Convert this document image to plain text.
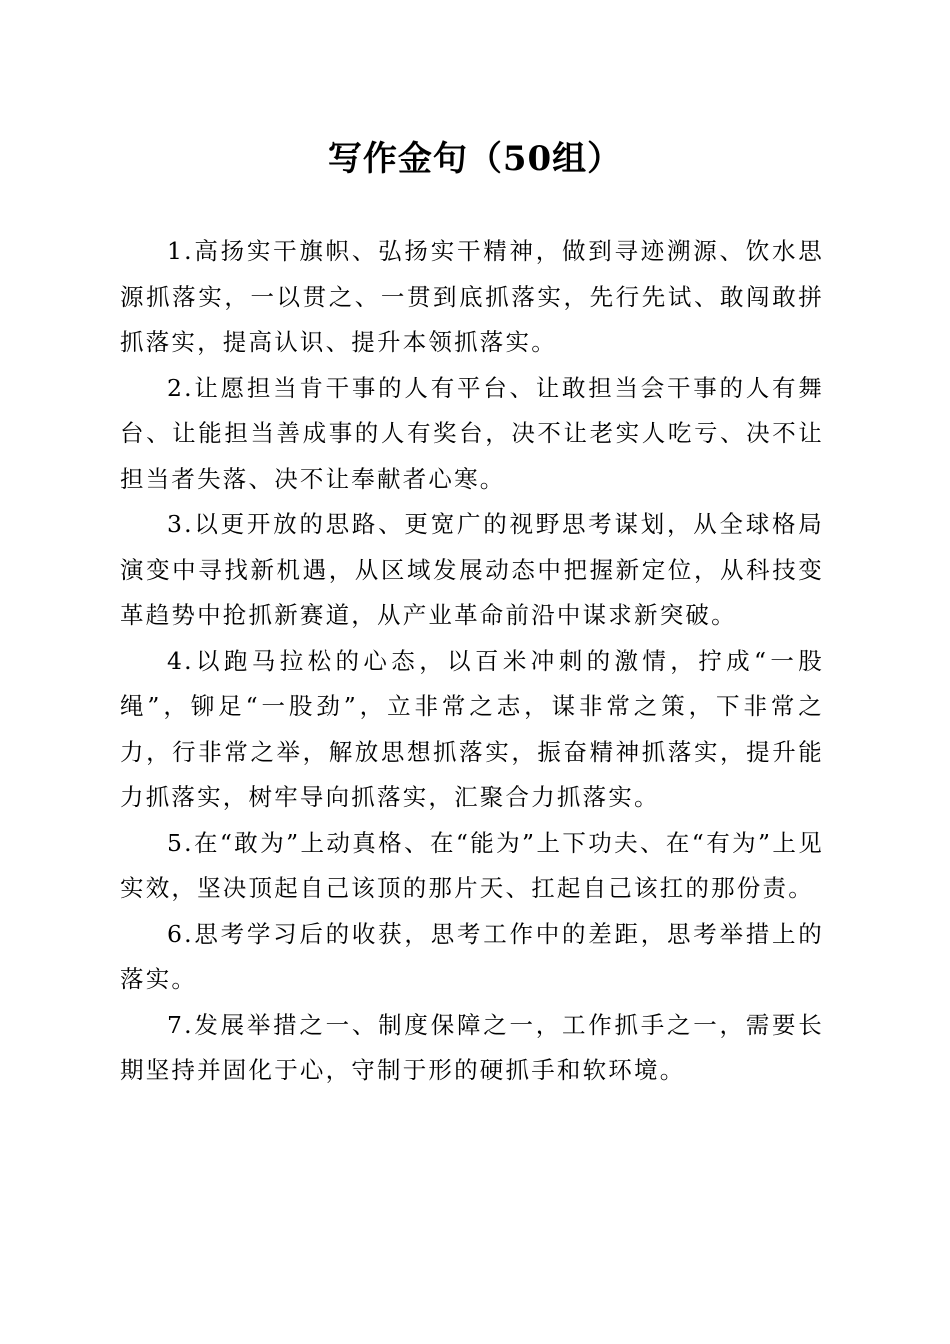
写作金句（50组）

1.高扬实干旗帜、弘扬实干精神，做到寻迹溯源、饮水思源抓落实，一以贯之、一贯到底抓落实，先行先试、敢闯敢拼抓落实，提高认识、提升本领抓落实。

2.让愿担当肯干事的人有平台、让敢担当会干事的人有舞台、让能担当善成事的人有奖台，决不让老实人吃亏、决不让担当者失落、决不让奉献者心寒。

3.以更开放的思路、更宽广的视野思考谋划，从全球格局演变中寻找新机遇，从区域发展动态中把握新定位，从科技变革趋势中抢抓新赛道，从产业革命前沿中谋求新突破。

4.以跑马拉松的心态，以百米冲刺的激情，拧成“一股绳”，铆足“一股劲”，立非常之志，谋非常之策，下非常之力，行非常之举，解放思想抓落实，振奋精神抓落实，提升能力抓落实，树牢导向抓落实，汇聚合力抓落实。

5.在“敢为”上动真格、在“能为”上下功夫、在“有为”上见实效，坚决顶起自己该顶的那片天、扛起自己该扛的那份责。

6.思考学习后的收获，思考工作中的差距，思考举措上的落实。

7.发展举措之一、制度保障之一，工作抓手之一，需要长期坚持并固化于心，守制于形的硬抓手和软环境。
